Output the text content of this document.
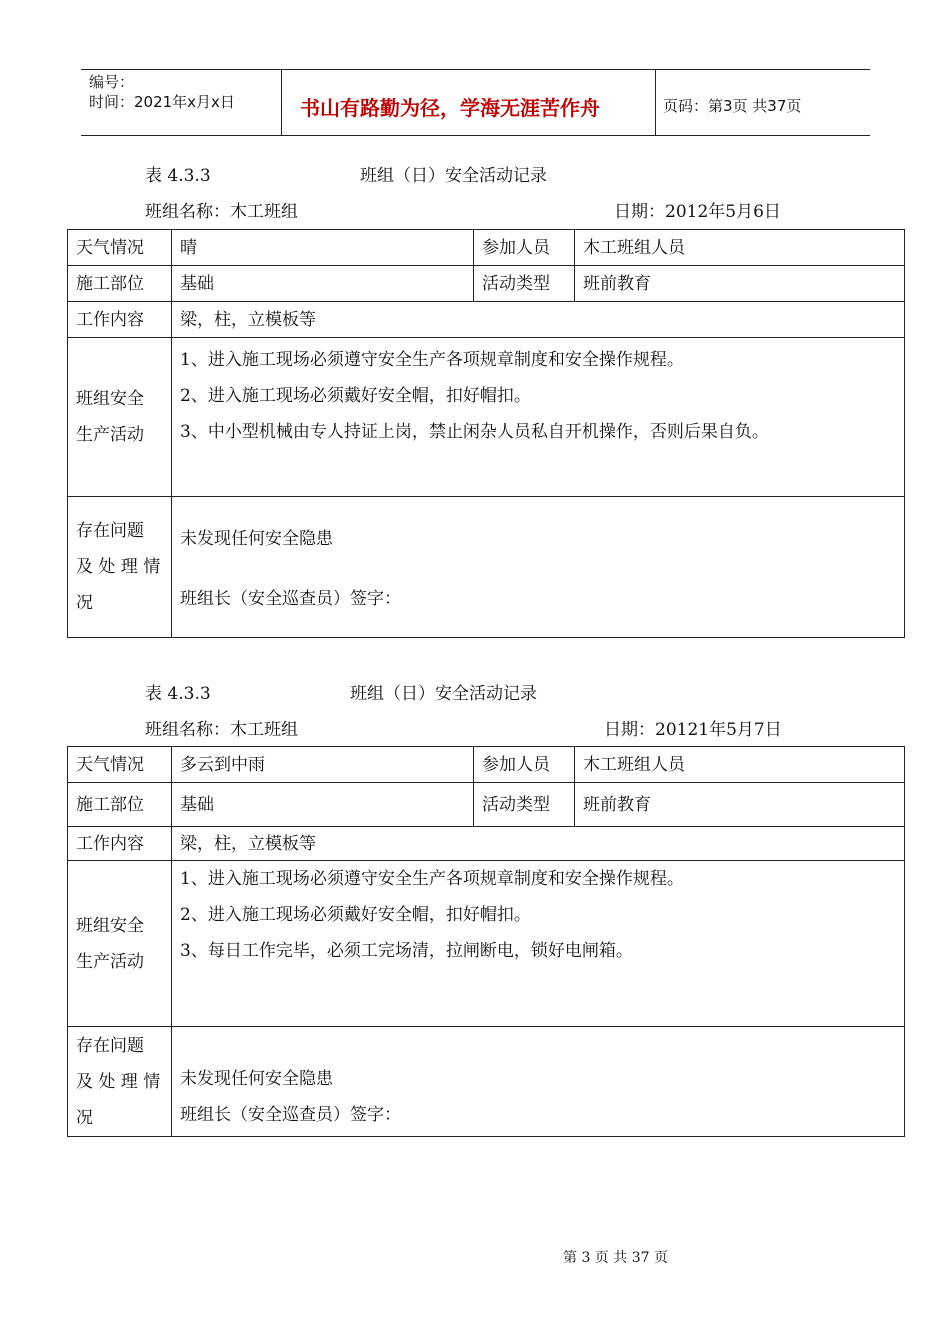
编号：
时间：2021年x月x日	书山有路勤为径，学海无涯苦作舟	页码：第3页 共37页
表 4.3.3	班组（日）安全活动记录
班组名称：木工班组	日期：2012年5月6日
天气情况	晴	参加人员	木工班组人员
施工部位	基础	活动类型	班前教育
工作内容	梁，柱，立模板等		

班组安全
生产活动	1、进入施工现场必须遵守安全生产各项规章制度和安全操作规程。
2、进入施工现场必须戴好安全帽，扣好帽扣。
3、中小型机械由专人持证上岗，禁止闲杂人员私自开机操作，否则后果自负。		

存在问题
及 处 理 情
况	未发现任何安全隐患
班组长（安全巡查员）签字：		
表 4.3.3	班组（日）安全活动记录
班组名称：木工班组	日期：20121年5月7日
天气情况	多云到中雨	参加人员	木工班组人员
施工部位	基础	活动类型	班前教育
工作内容	梁，柱，立模板等		

班组安全
生产活动	1、进入施工现场必须遵守安全生产各项规章制度和安全操作规程。
2、进入施工现场必须戴好安全帽，扣好帽扣。
3、每日工作完毕，必须工完场清，拉闸断电，锁好电闸箱。		

存在问题
及 处 理 情
况	未发现任何安全隐患
班组长（安全巡查员）签字：		
第 3 页 共 37 页
